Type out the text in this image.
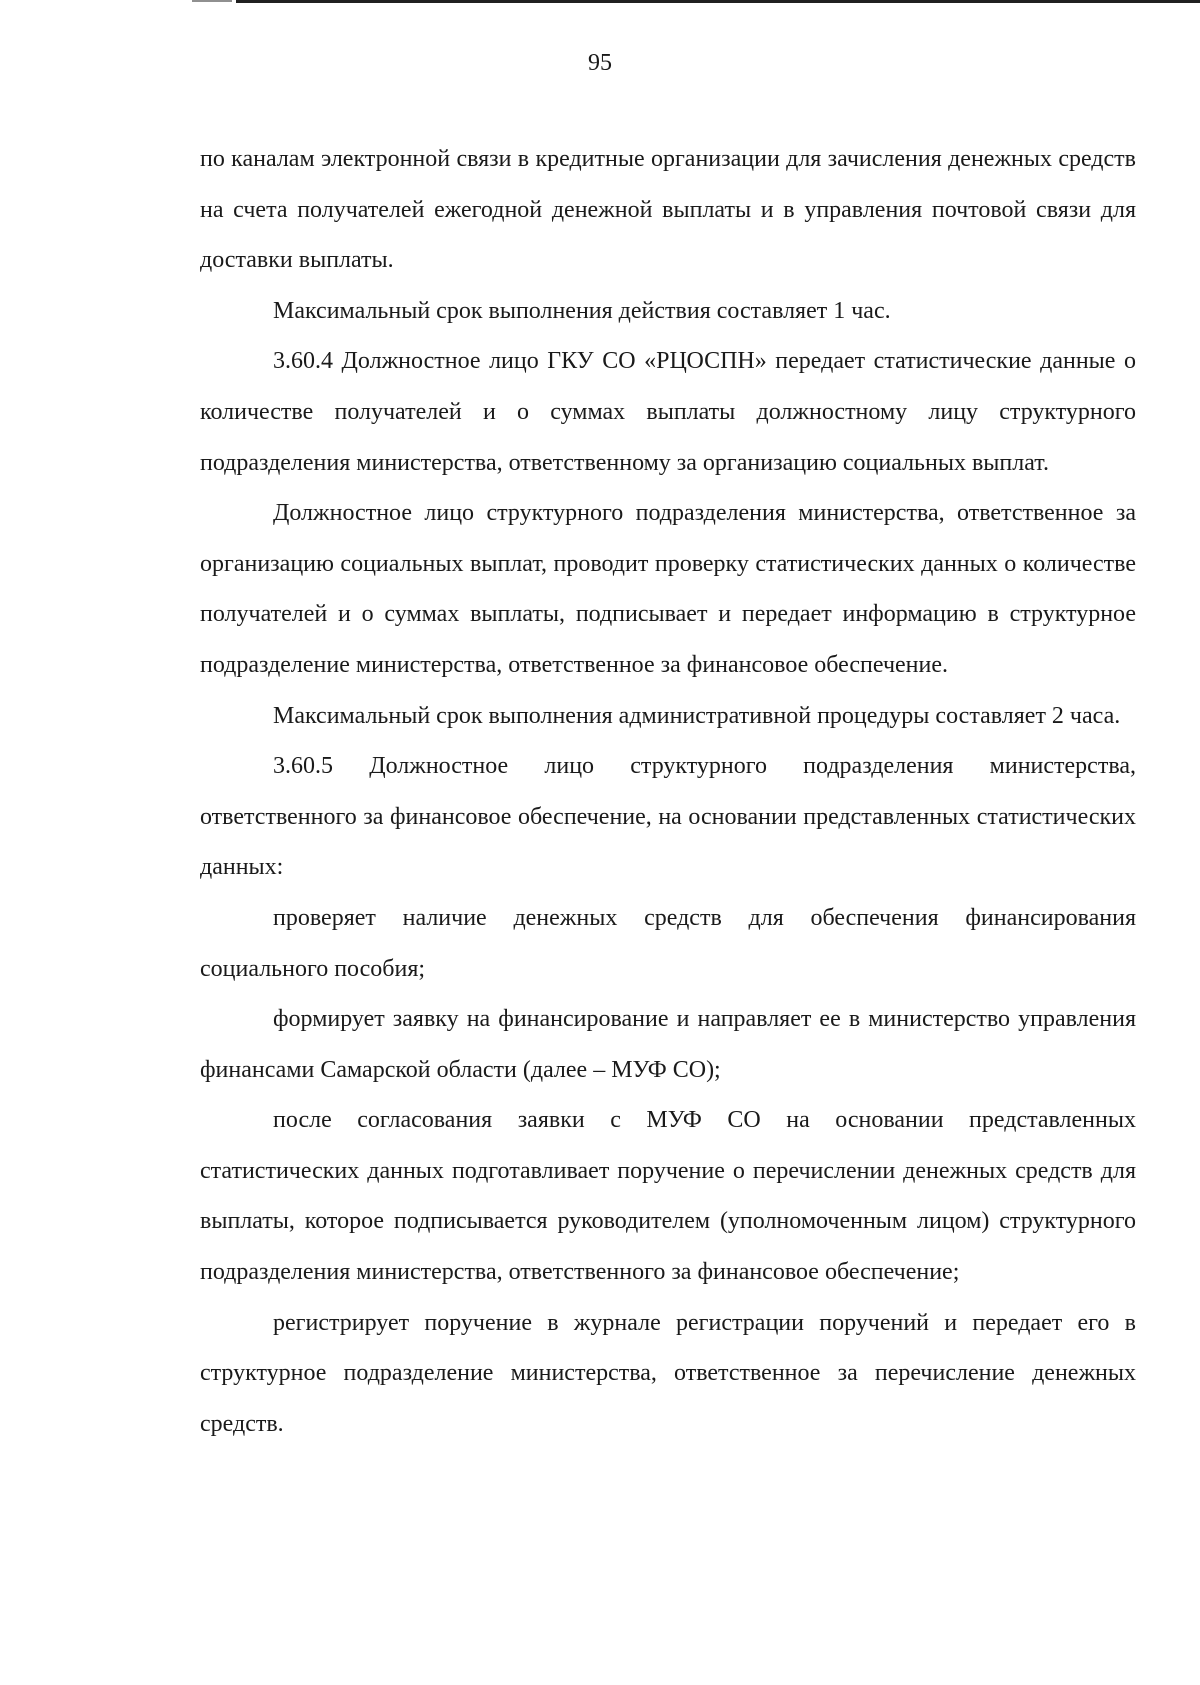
95

по каналам электронной связи в кредитные организации для зачисления денежных средств на счета получателей ежегодной денежной выплаты и в управления почтовой связи для доставки выплаты.

Максимальный срок выполнения действия составляет 1 час.

3.60.4 Должностное лицо ГКУ СО «РЦОСПН» передает статистические данные о количестве получателей и о суммах выплаты должностному лицу структурного подразделения министерства, ответственному за организацию социальных выплат.

Должностное лицо структурного подразделения министерства, ответственное за организацию социальных выплат, проводит проверку статистических данных о количестве получателей и о суммах выплаты, подписывает и передает информацию в структурное подразделение министерства, ответственное за финансовое обеспечение.

Максимальный срок выполнения административной процедуры составляет 2 часа.

3.60.5 Должностное лицо структурного подразделения министерства, ответственного за финансовое обеспечение, на основании представленных статистических данных:

проверяет наличие денежных средств для обеспечения финансирования социального пособия;

формирует заявку на финансирование и направляет ее в министерство управления финансами Самарской области (далее – МУФ СО);

после согласования заявки с МУФ СО на основании представленных статистических данных подготавливает поручение о перечислении денежных средств для выплаты, которое подписывается руководителем (уполномоченным лицом) структурного подразделения министерства, ответственного за финансовое обеспечение;

регистрирует поручение в журнале регистрации поручений и передает его в структурное подразделение министерства, ответственное за перечисление денежных средств.
